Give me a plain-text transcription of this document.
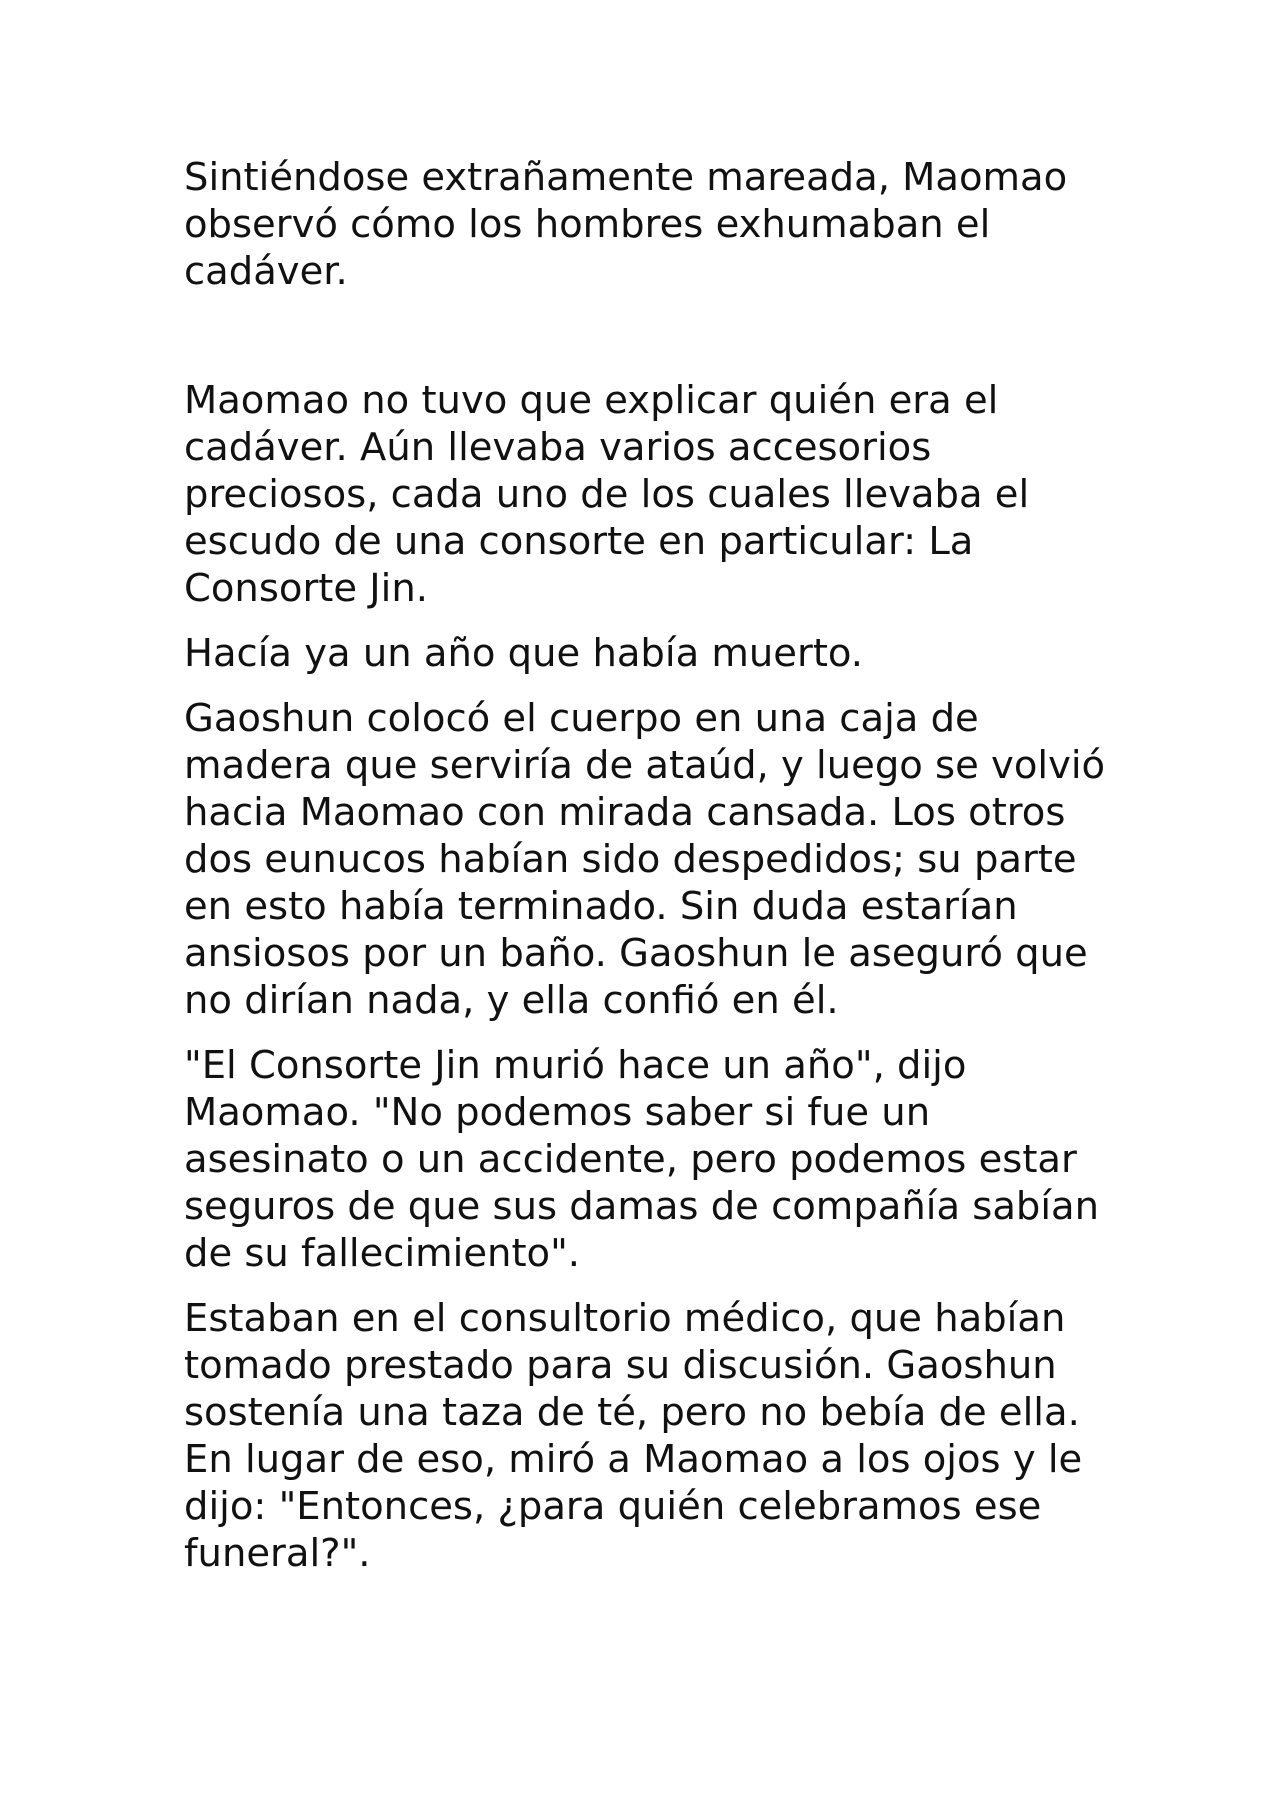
Sintiéndose extrañamente mareada, Maomao observó cómo los hombres exhumaban el cadáver.

Maomao no tuvo que explicar quién era el cadáver. Aún llevaba varios accesorios preciosos, cada uno de los cuales llevaba el escudo de una consorte en particular: La Consorte Jin.

Hacía ya un año que había muerto.

Gaoshun colocó el cuerpo en una caja de madera que serviría de ataúd, y luego se volvió hacia Maomao con mirada cansada. Los otros dos eunucos habían sido despedidos; su parte en esto había terminado. Sin duda estarían ansiosos por un baño. Gaoshun le aseguró que no dirían nada, y ella confió en él.

"El Consorte Jin murió hace un año", dijo Maomao. "No podemos saber si fue un asesinato o un accidente, pero podemos estar seguros de que sus damas de compañía sabían de su fallecimiento".

Estaban en el consultorio médico, que habían tomado prestado para su discusión. Gaoshun sostenía una taza de té, pero no bebía de ella. En lugar de eso, miró a Maomao a los ojos y le dijo: "Entonces, ¿para quién celebramos ese funeral?".
